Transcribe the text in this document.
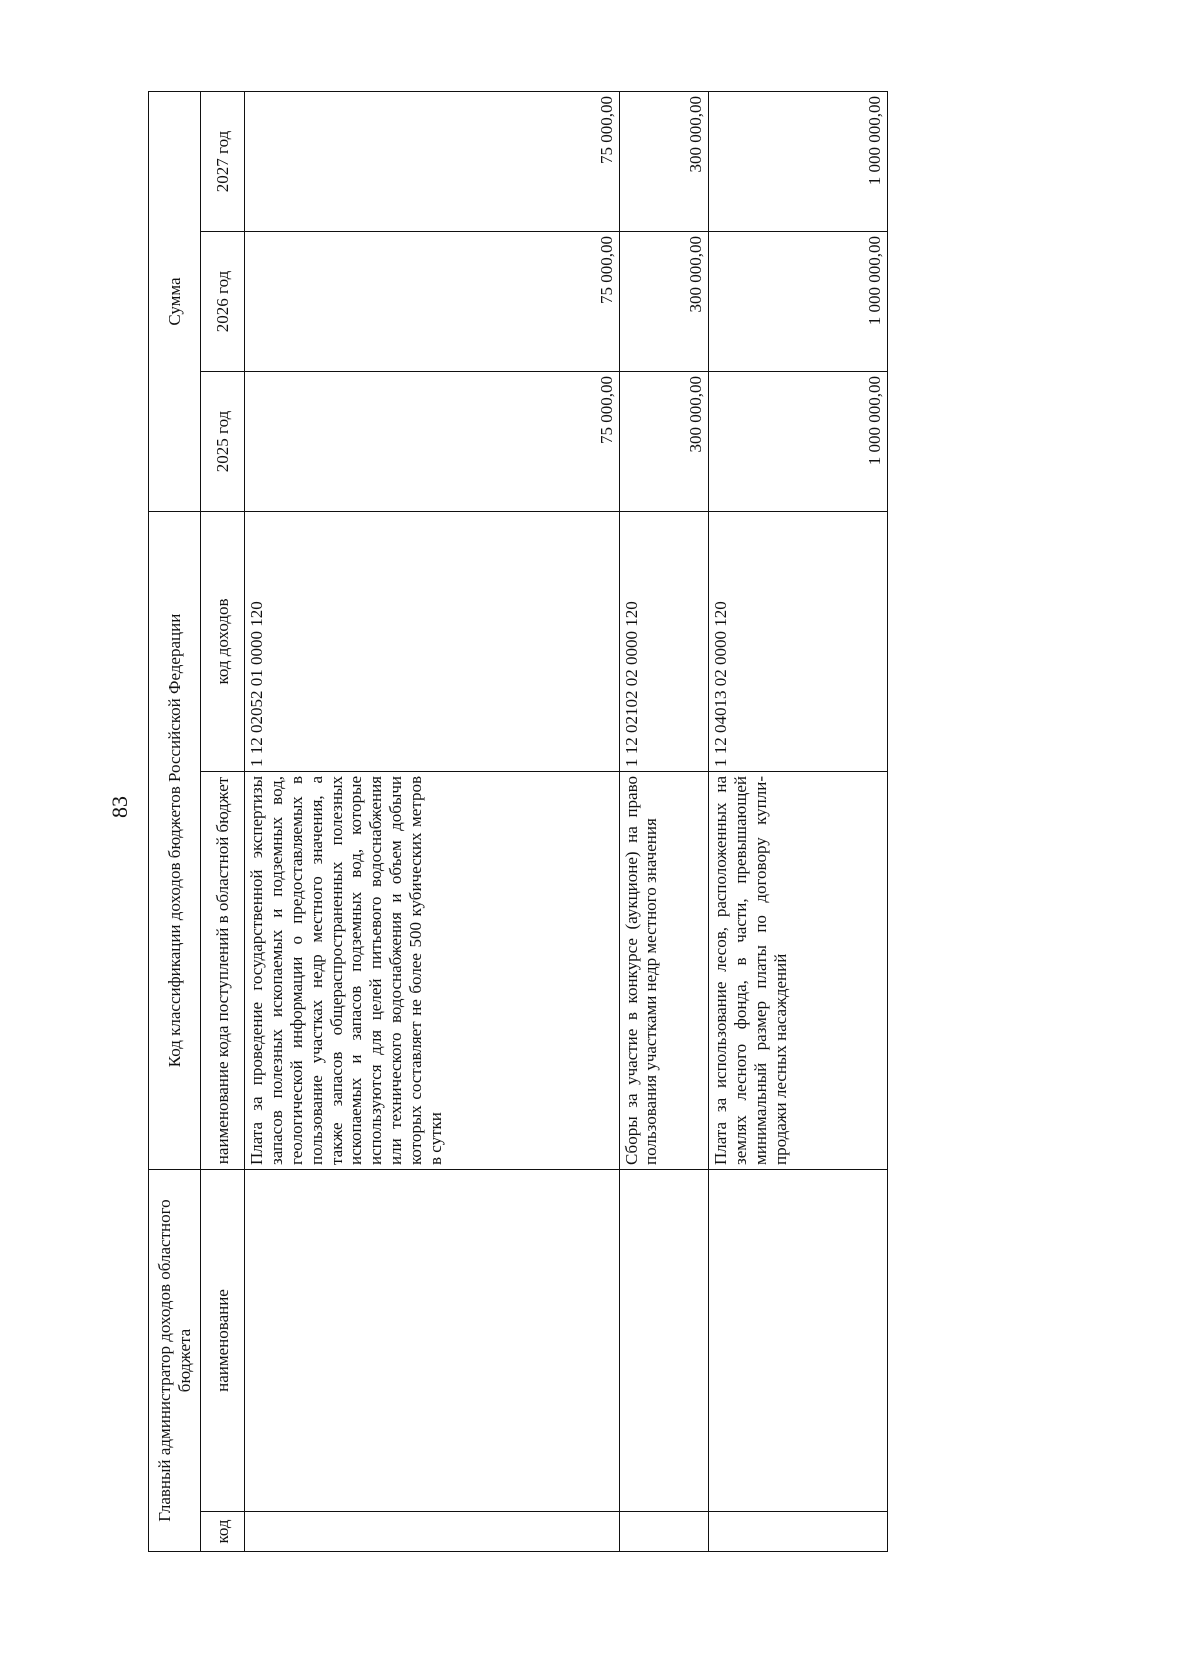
83
Главный администратор доходов областного бюджета		Код классификации доходов бюджетов Российской Федерации		Сумма		
код	наименование	наименование кода поступлений в областной бюджет	код доходов	2025 год	2026 год	2027 год
		Плата за проведение государственной экспертизы запасов полезных ископаемых и подземных вод, геологической информации о предоставляемых в пользование участках недр местного значения, а также запасов общераспространенных полезных ископаемых и запасов подземных вод, которые используются для целей питьевого водоснабжения или технического водоснабжения и объем добычи которых составляет не более 500 кубических метров в сутки	1 12 02052 01 0000 120	75 000,00	75 000,00	75 000,00
		Сборы за участие в конкурсе (аукционе) на право пользования участками недр местного значения	1 12 02102 02 0000 120	300 000,00	300 000,00	300 000,00
		Плата за использование лесов, расположенных на землях лесного фонда, в части, превышающей минимальный размер платы по договору купли-продажи лесных насаждений	1 12 04013 02 0000 120	1 000 000,00	1 000 000,00	1 000 000,00
